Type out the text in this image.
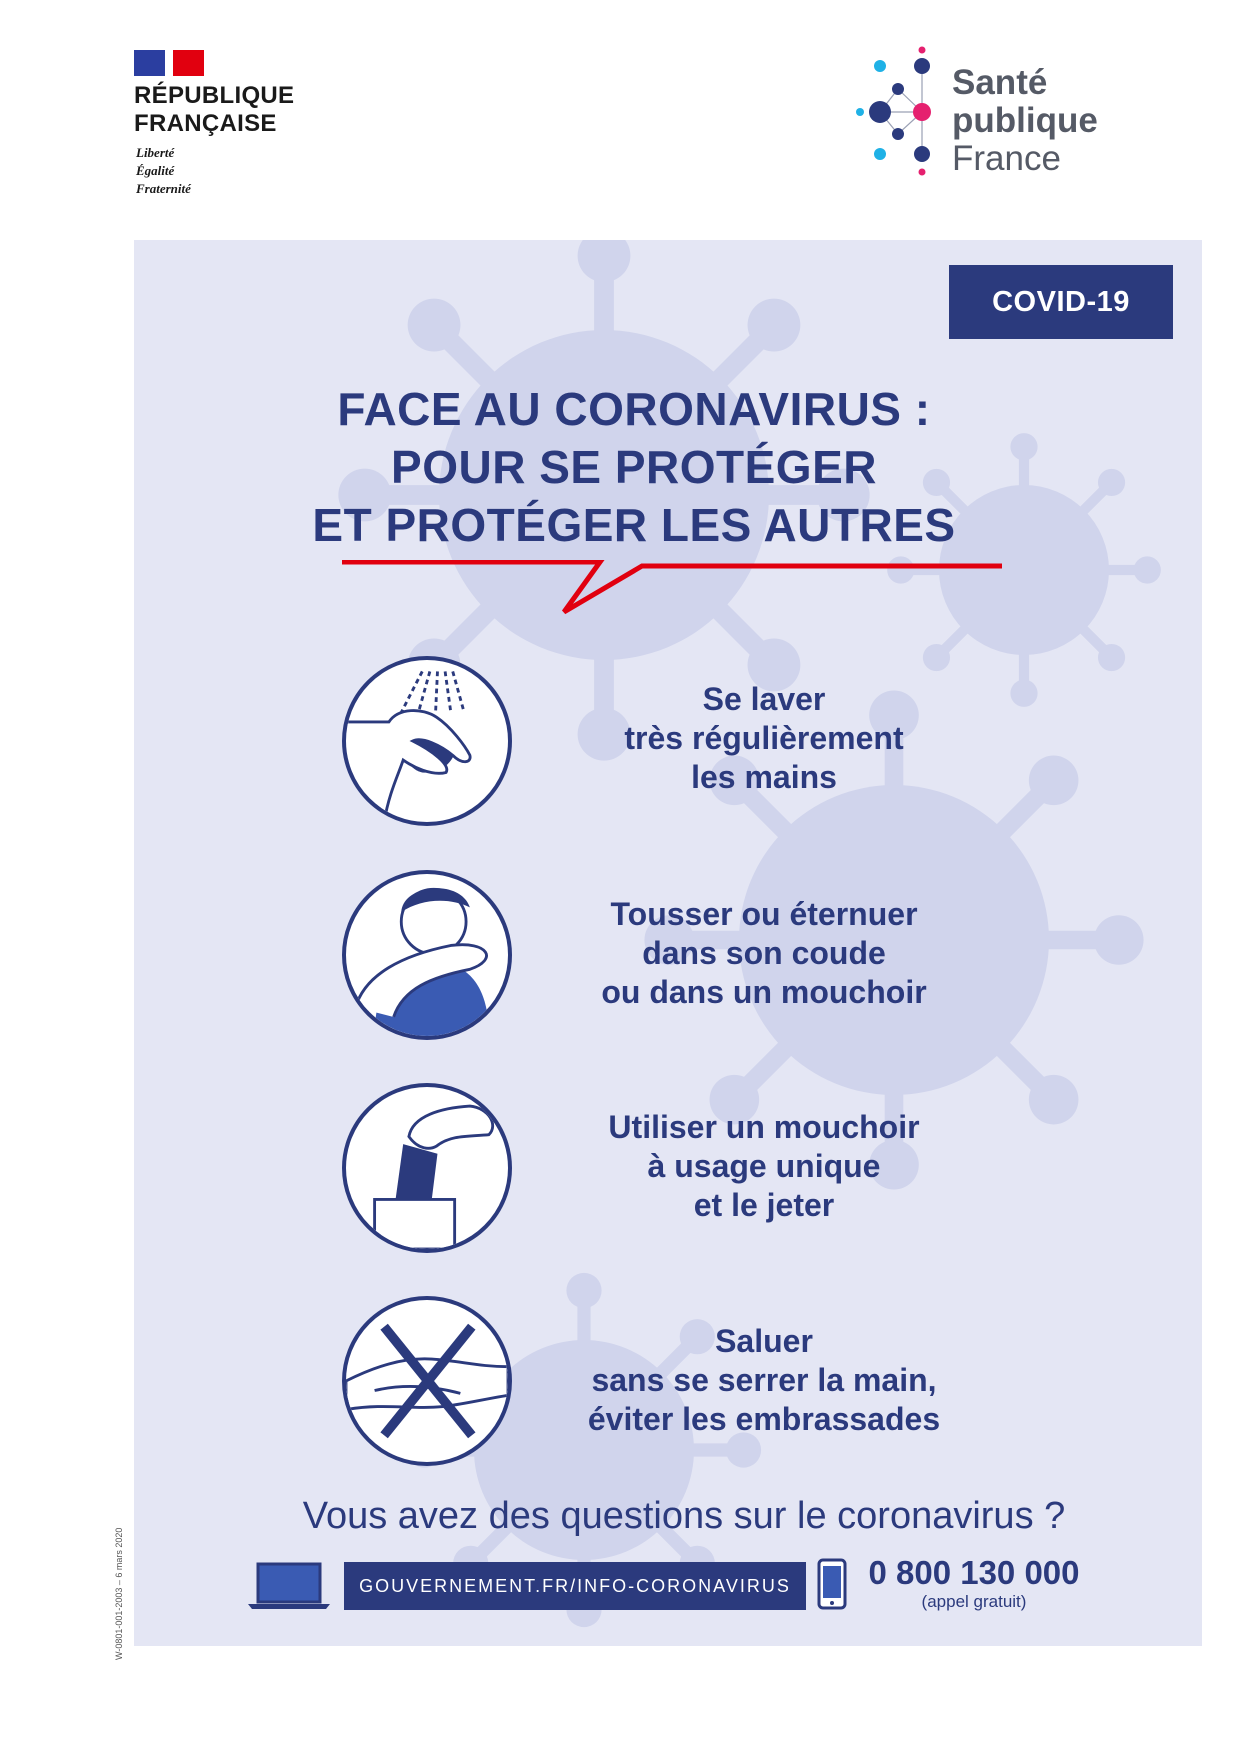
RÉPUBLIQUE
FRANÇAISE
Liberté
Égalité
Fraternité
Santé
publique
France
COVID-19
FACE AU CORONAVIRUS :
POUR SE PROTÉGER
ET PROTÉGER LES AUTRES
Se laver
très régulièrement
les mains
Tousser ou éternuer
dans son coude
ou dans un mouchoir
Utiliser un mouchoir
à usage unique
et le jeter
Saluer
sans se serrer la main,
éviter les embrassades
Vous avez des questions sur le coronavirus ?
GOUVERNEMENT.FR/INFO-CORONAVIRUS	0 800 130 000
(appel gratuit)
W-0801-001-2003 – 6 mars 2020
